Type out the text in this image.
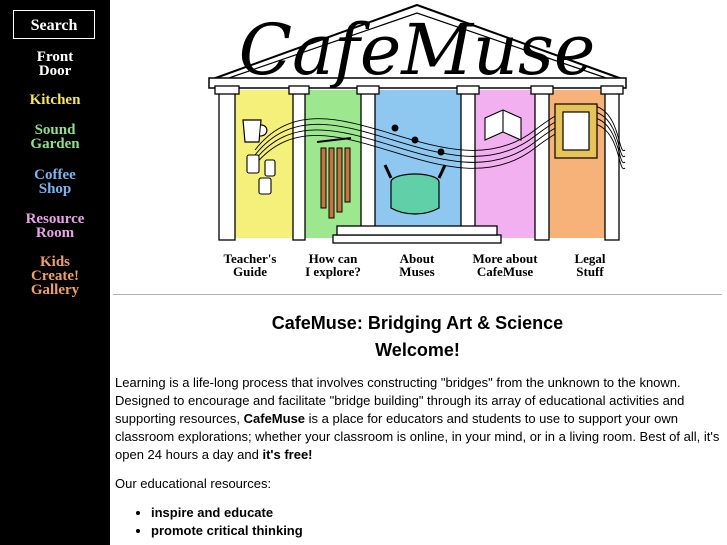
Search
Front
Door
Kitchen
Sound
Garden
Coffee
Shop
Resource
Room
Kids
Create!
Gallery
CafeMuse
Teacher's
Guide
How can
I explore?
About
Muses
More about
CafeMuse
Legal
Stuff
CafeMuse: Bridging Art & Science
Welcome!

Learning is a life-long process that involves constructing "bridges" from the unknown to the known. Designed to encourage and facilitate "bridge building" through its array of educational activities and supporting resources, CafeMuse is a place for educators and students to use to support your own classroom explorations; whether your classroom is online, in your mind, or in a living room. Best of all, it's open 24 hours a day and it's free!

Our educational resources:

• inspire and educate
• promote critical thinking
